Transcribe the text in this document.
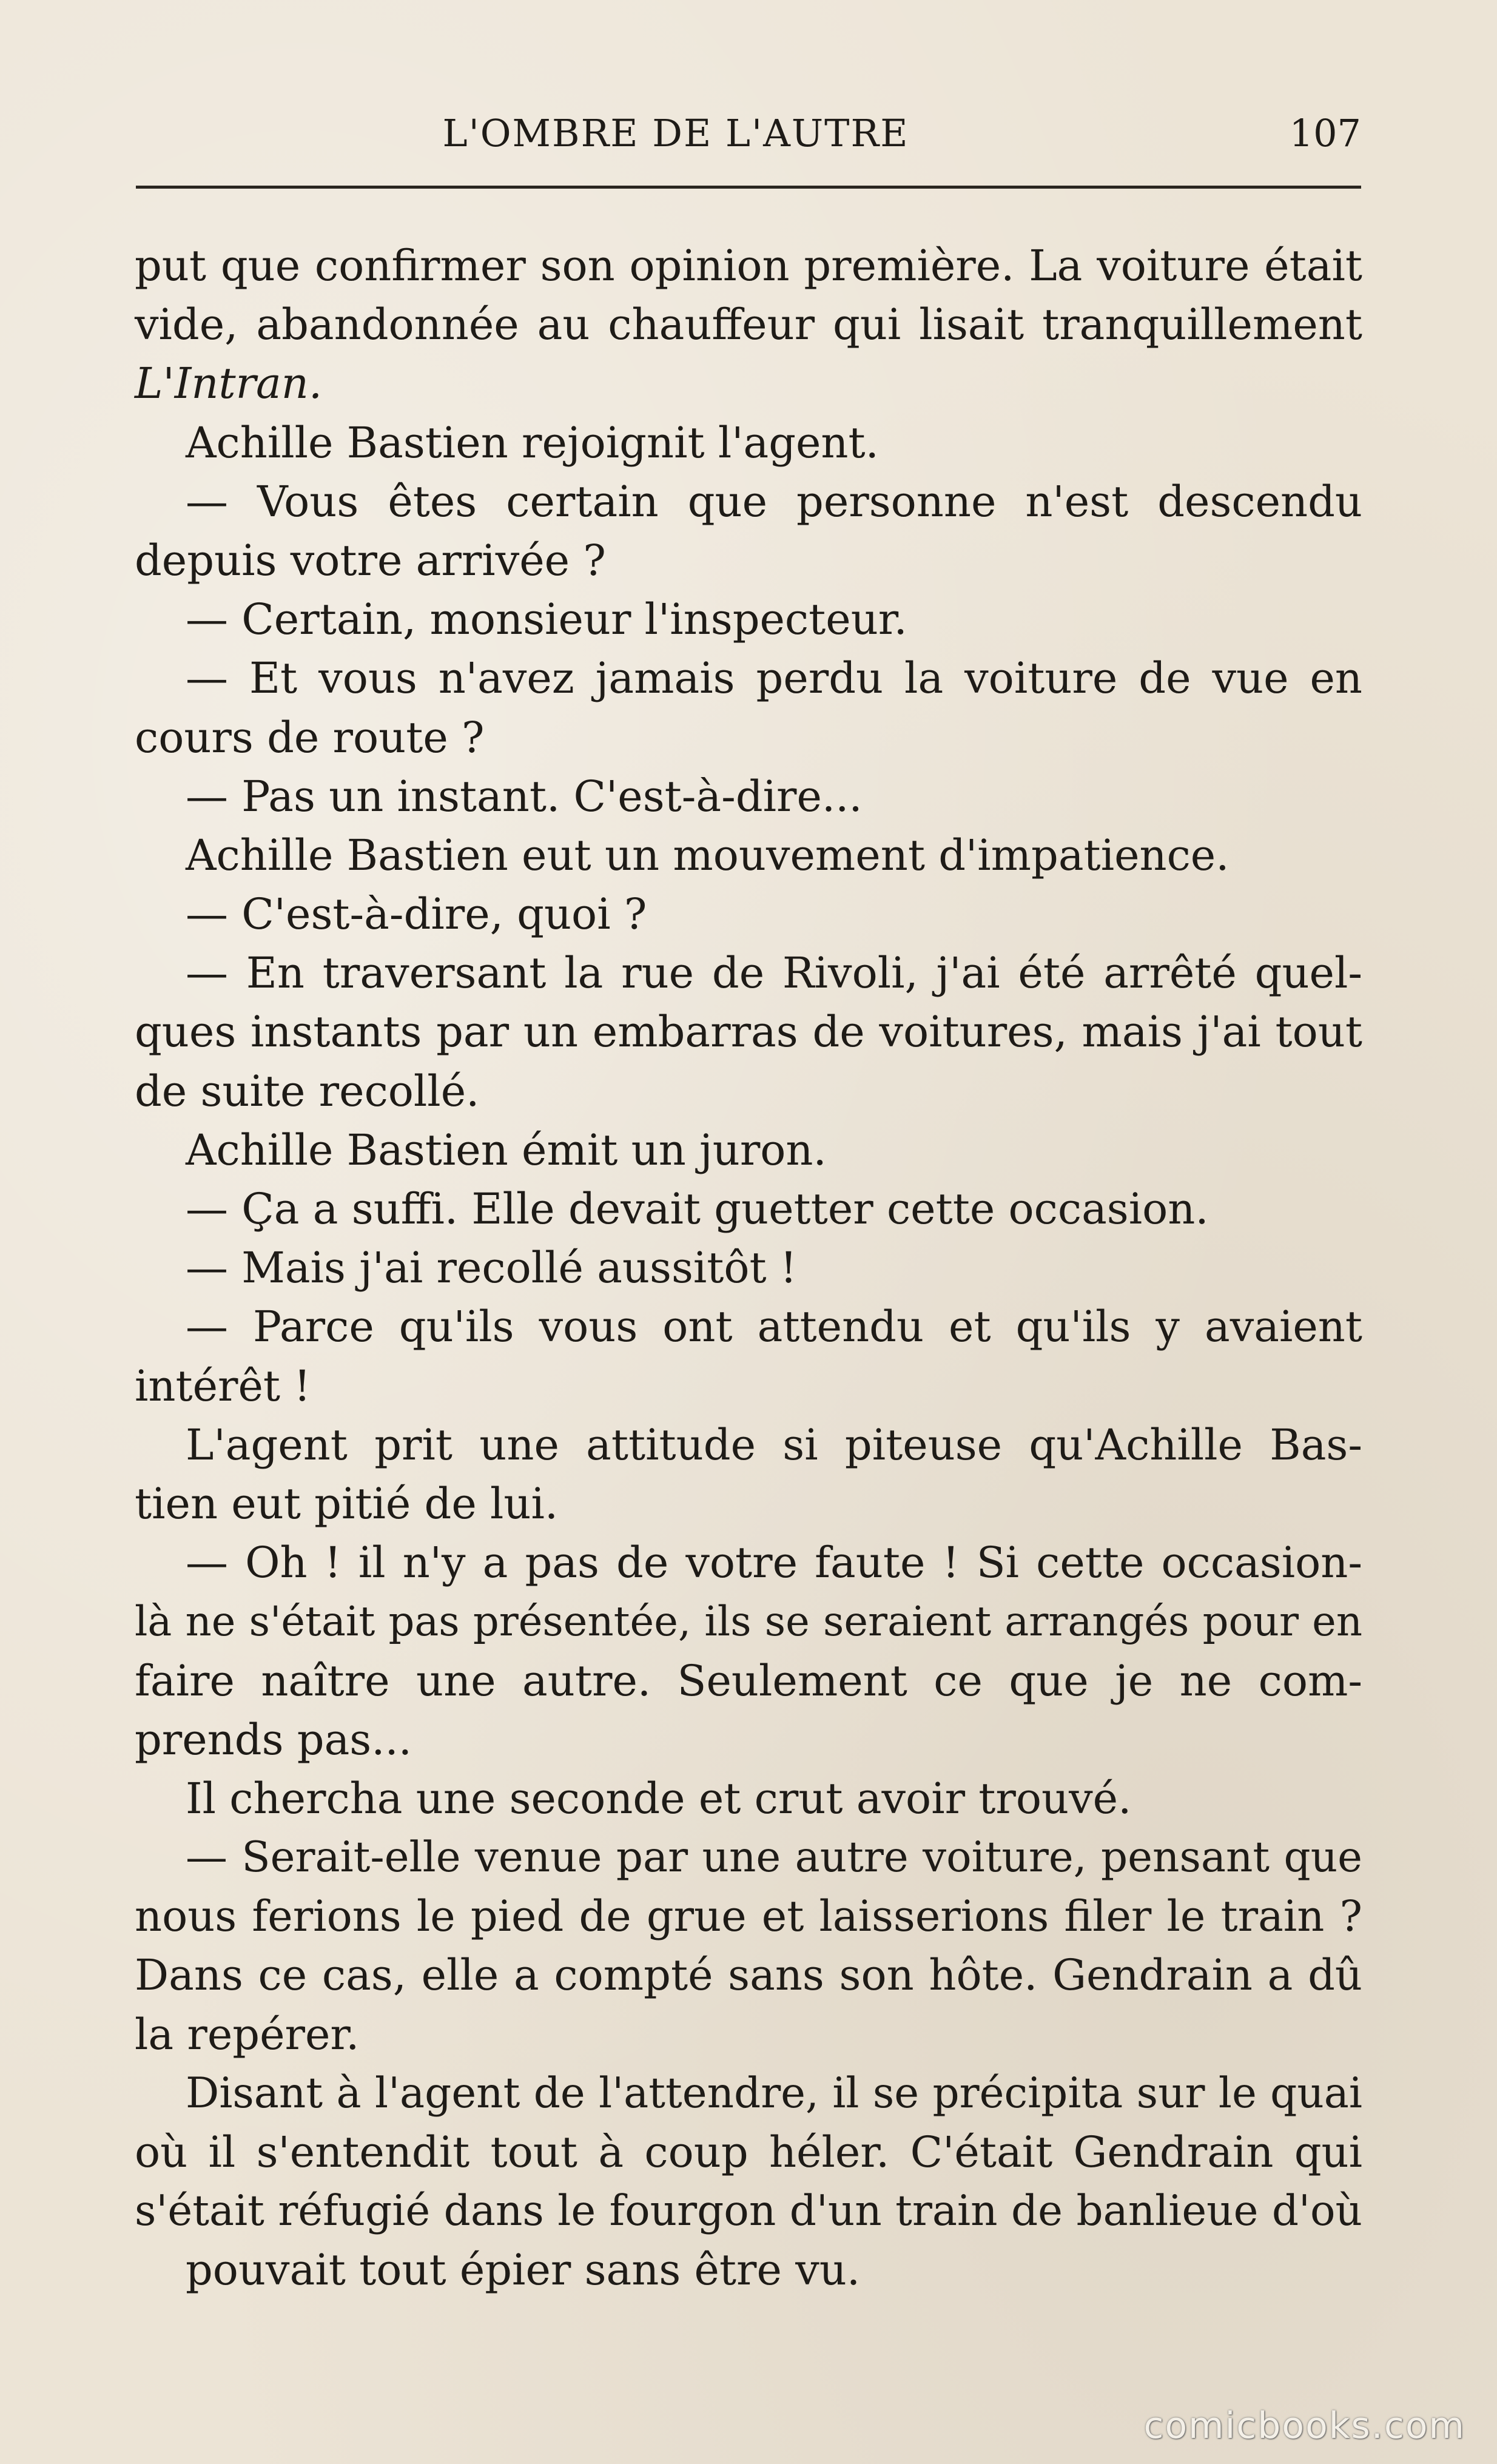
L'OMBRE DE L'AUTRE	107
put que confirmer son opinion première. La voiture était
vide, abandonnée au chauffeur qui lisait tranquillement
L'Intran.
Achille Bastien rejoignit l'agent.
— Vous êtes certain que personne n'est descendu
depuis votre arrivée ?
— Certain, monsieur l'inspecteur.
— Et vous n'avez jamais perdu la voiture de vue en
cours de route ?
— Pas un instant. C'est-à-dire...
Achille Bastien eut un mouvement d'impatience.
— C'est-à-dire, quoi ?
— En traversant la rue de Rivoli, j'ai été arrêté quel-
ques instants par un embarras de voitures, mais j'ai tout
de suite recollé.
Achille Bastien émit un juron.
— Ça a suffi. Elle devait guetter cette occasion.
— Mais j'ai recollé aussitôt !
— Parce qu'ils vous ont attendu et qu'ils y avaient
intérêt !
L'agent prit une attitude si piteuse qu'Achille Bas-
tien eut pitié de lui.
— Oh ! il n'y a pas de votre faute ! Si cette occasion-
là ne s'était pas présentée, ils se seraient arrangés pour en
faire naître une autre. Seulement ce que je ne com-
prends pas...
Il chercha une seconde et crut avoir trouvé.
— Serait-elle venue par une autre voiture, pensant que
nous ferions le pied de grue et laisserions filer le train ?
Dans ce cas, elle a compté sans son hôte. Gendrain a dû
la repérer.
Disant à l'agent de l'attendre, il se précipita sur le quai
où il s'entendit tout à coup héler. C'était Gendrain qui
s'était réfugié dans le fourgon d'un train de banlieue d'où
pouvait tout épier sans être vu.
comicbooks.com
